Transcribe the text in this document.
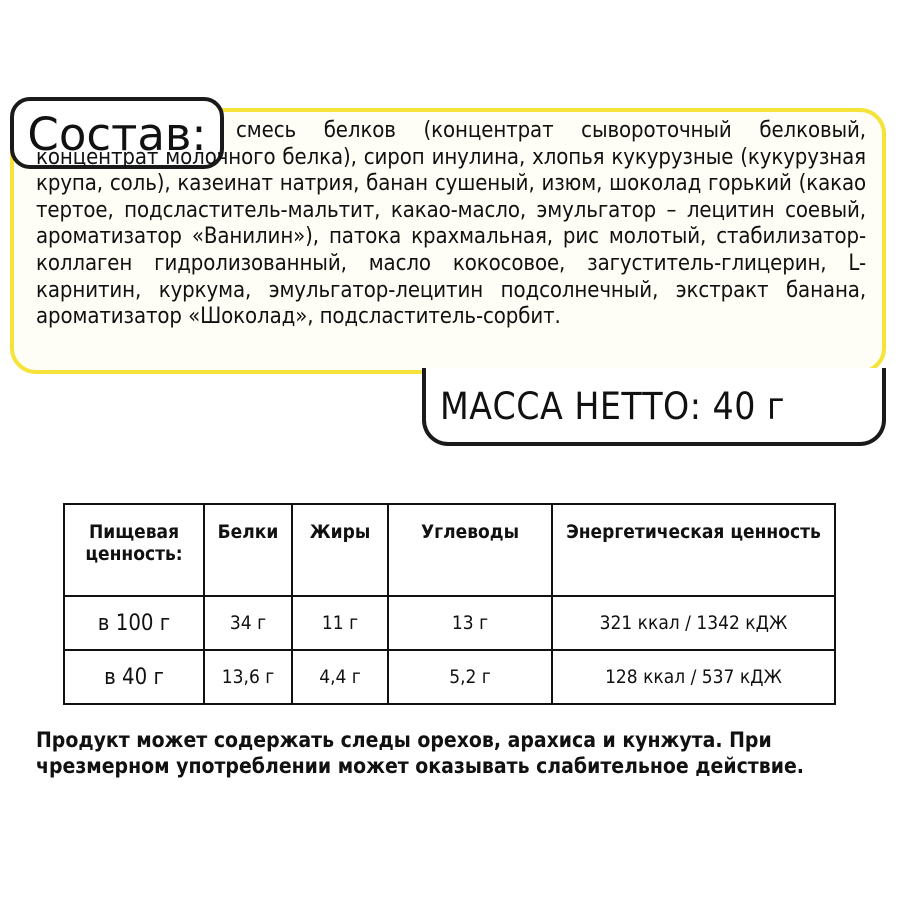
Состав:	смесь белков (концентрат сывороточный белковый, концентрат молочного белка), сироп инулина, хлопья кукурузные (кукурузная крупа, соль), казеинат натрия, банан сушеный, изюм, шоколад горький (какао тертое, подсластитель-мальтит, какао-масло, эмульгатор – лецитин соевый, ароматизатор «Ванилин»), патока крахмальная, рис молотый, стабилизатор-коллаген гидролизованный, масло кокосовое, загуститель-глицерин, L-карнитин, куркума, эмульгатор-лецитин подсолнечный, экстракт банана, ароматизатор «Шоколад», подсластитель-сорбит.
МАССА НЕТТО: 40 г
Пищевая ценность:	Белки	Жиры	Углеводы	Энергетическая ценность
в 100 г	34 г	11 г	13 г	321 ккал / 1342 кДЖ
в 40 г	13,6 г	4,4 г	5,2 г	128 ккал / 537 кДЖ
Продукт может содержать следы орехов, арахиса и кунжута. При чрезмерном употреблении может оказывать слабительное действие.
